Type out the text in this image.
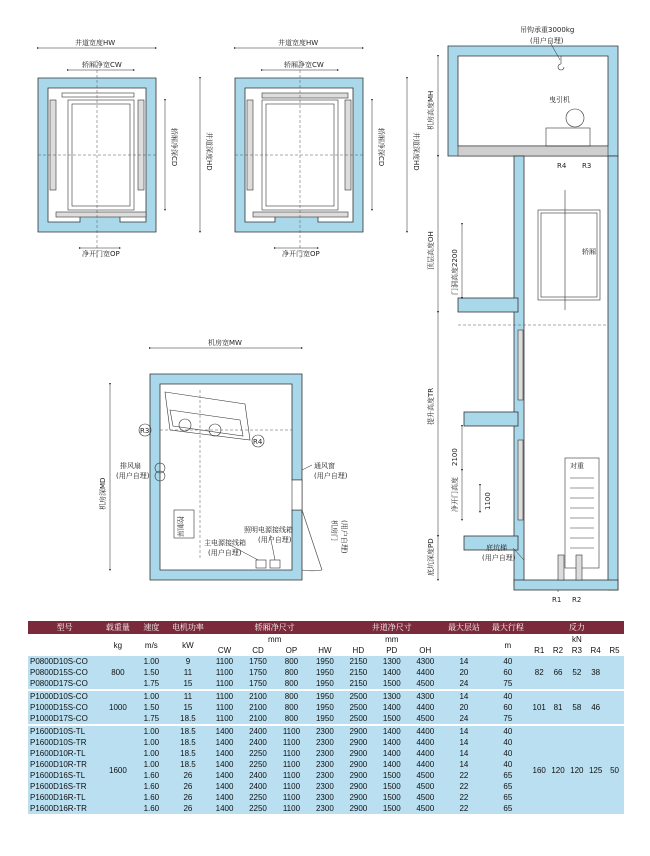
井道宽度HW
轿厢净宽CW
净开门宽OP
轿厢净深CD	井道深度HD
井道宽度HW
轿厢净宽CW
净开门宽OP
轿厢净深CD	井道深度HD
R3
R4
排风扇
(用户自理)
控制屏
主电源接线箱
(用户自理)
照明电源接线箱
(用户自理)
通风窗
(用户自理)
机房门 (用户自理)
机房宽MW
机房深MD
吊钩承重3000kg
(用户自理)
曳引机
R4 R3
轿厢
对重
R1 R2
底坑梯
(用户自理)
机房高度MH
顶层高度OH 门洞高度2200
提升高度TR
2100
净开门高度	1100
底坑深度PD
型号	载重量	速度	电机功率	轿厢净尺寸				井道净尺寸			最大层站	最大行程	反力				
	kg	m/s	kW	mm				mm				m	kN				
				CW	CD	OP	HW	HD	PD	OH			R1	R2	R3	R4	R5
P0800D10S-CO	800	1.00	9	1100	1750	800	1950	2150	1300	4300	14	40	82	66	52	38	
P0800D15S-CO		1.50	11	1100	1750	800	1950	2150	1400	4400	20	60					
P0800D17S-CO		1.75	15	1100	1750	800	1950	2150	1500	4500	24	75					
P1000D10S-CO	1000	1.00	11	1100	2100	800	1950	2500	1300	4300	14	40	101	81	58	46	
P1000D15S-CO		1.50	15	1100	2100	800	1950	2500	1400	4400	20	60					
P1000D17S-CO		1.75	18.5	1100	2100	800	1950	2500	1500	4500	24	75					
P1600D10S-TL	1600	1.00	18.5	1400	2400	1100	2300	2900	1400	4400	14	40	160	120	120	125	50
P1600D10S-TR		1.00	18.5	1400	2400	1100	2300	2900	1400	4400	14	40					
P1600D10R-TL		1.00	18.5	1400	2250	1100	2300	2900	1400	4400	14	40					
P1600D10R-TR		1.00	18.5	1400	2250	1100	2300	2900	1400	4400	14	40					
P1600D16S-TL		1.60	26	1400	2400	1100	2300	2900	1500	4500	22	65					
P1600D16S-TR		1.60	26	1400	2400	1100	2300	2900	1500	4500	22	65					
P1600D16R-TL		1.60	26	1400	2250	1100	2300	2900	1500	4500	22	65					
P1600D16R-TR		1.60	26	1400	2250	1100	2300	2900	1500	4500	22	65					
